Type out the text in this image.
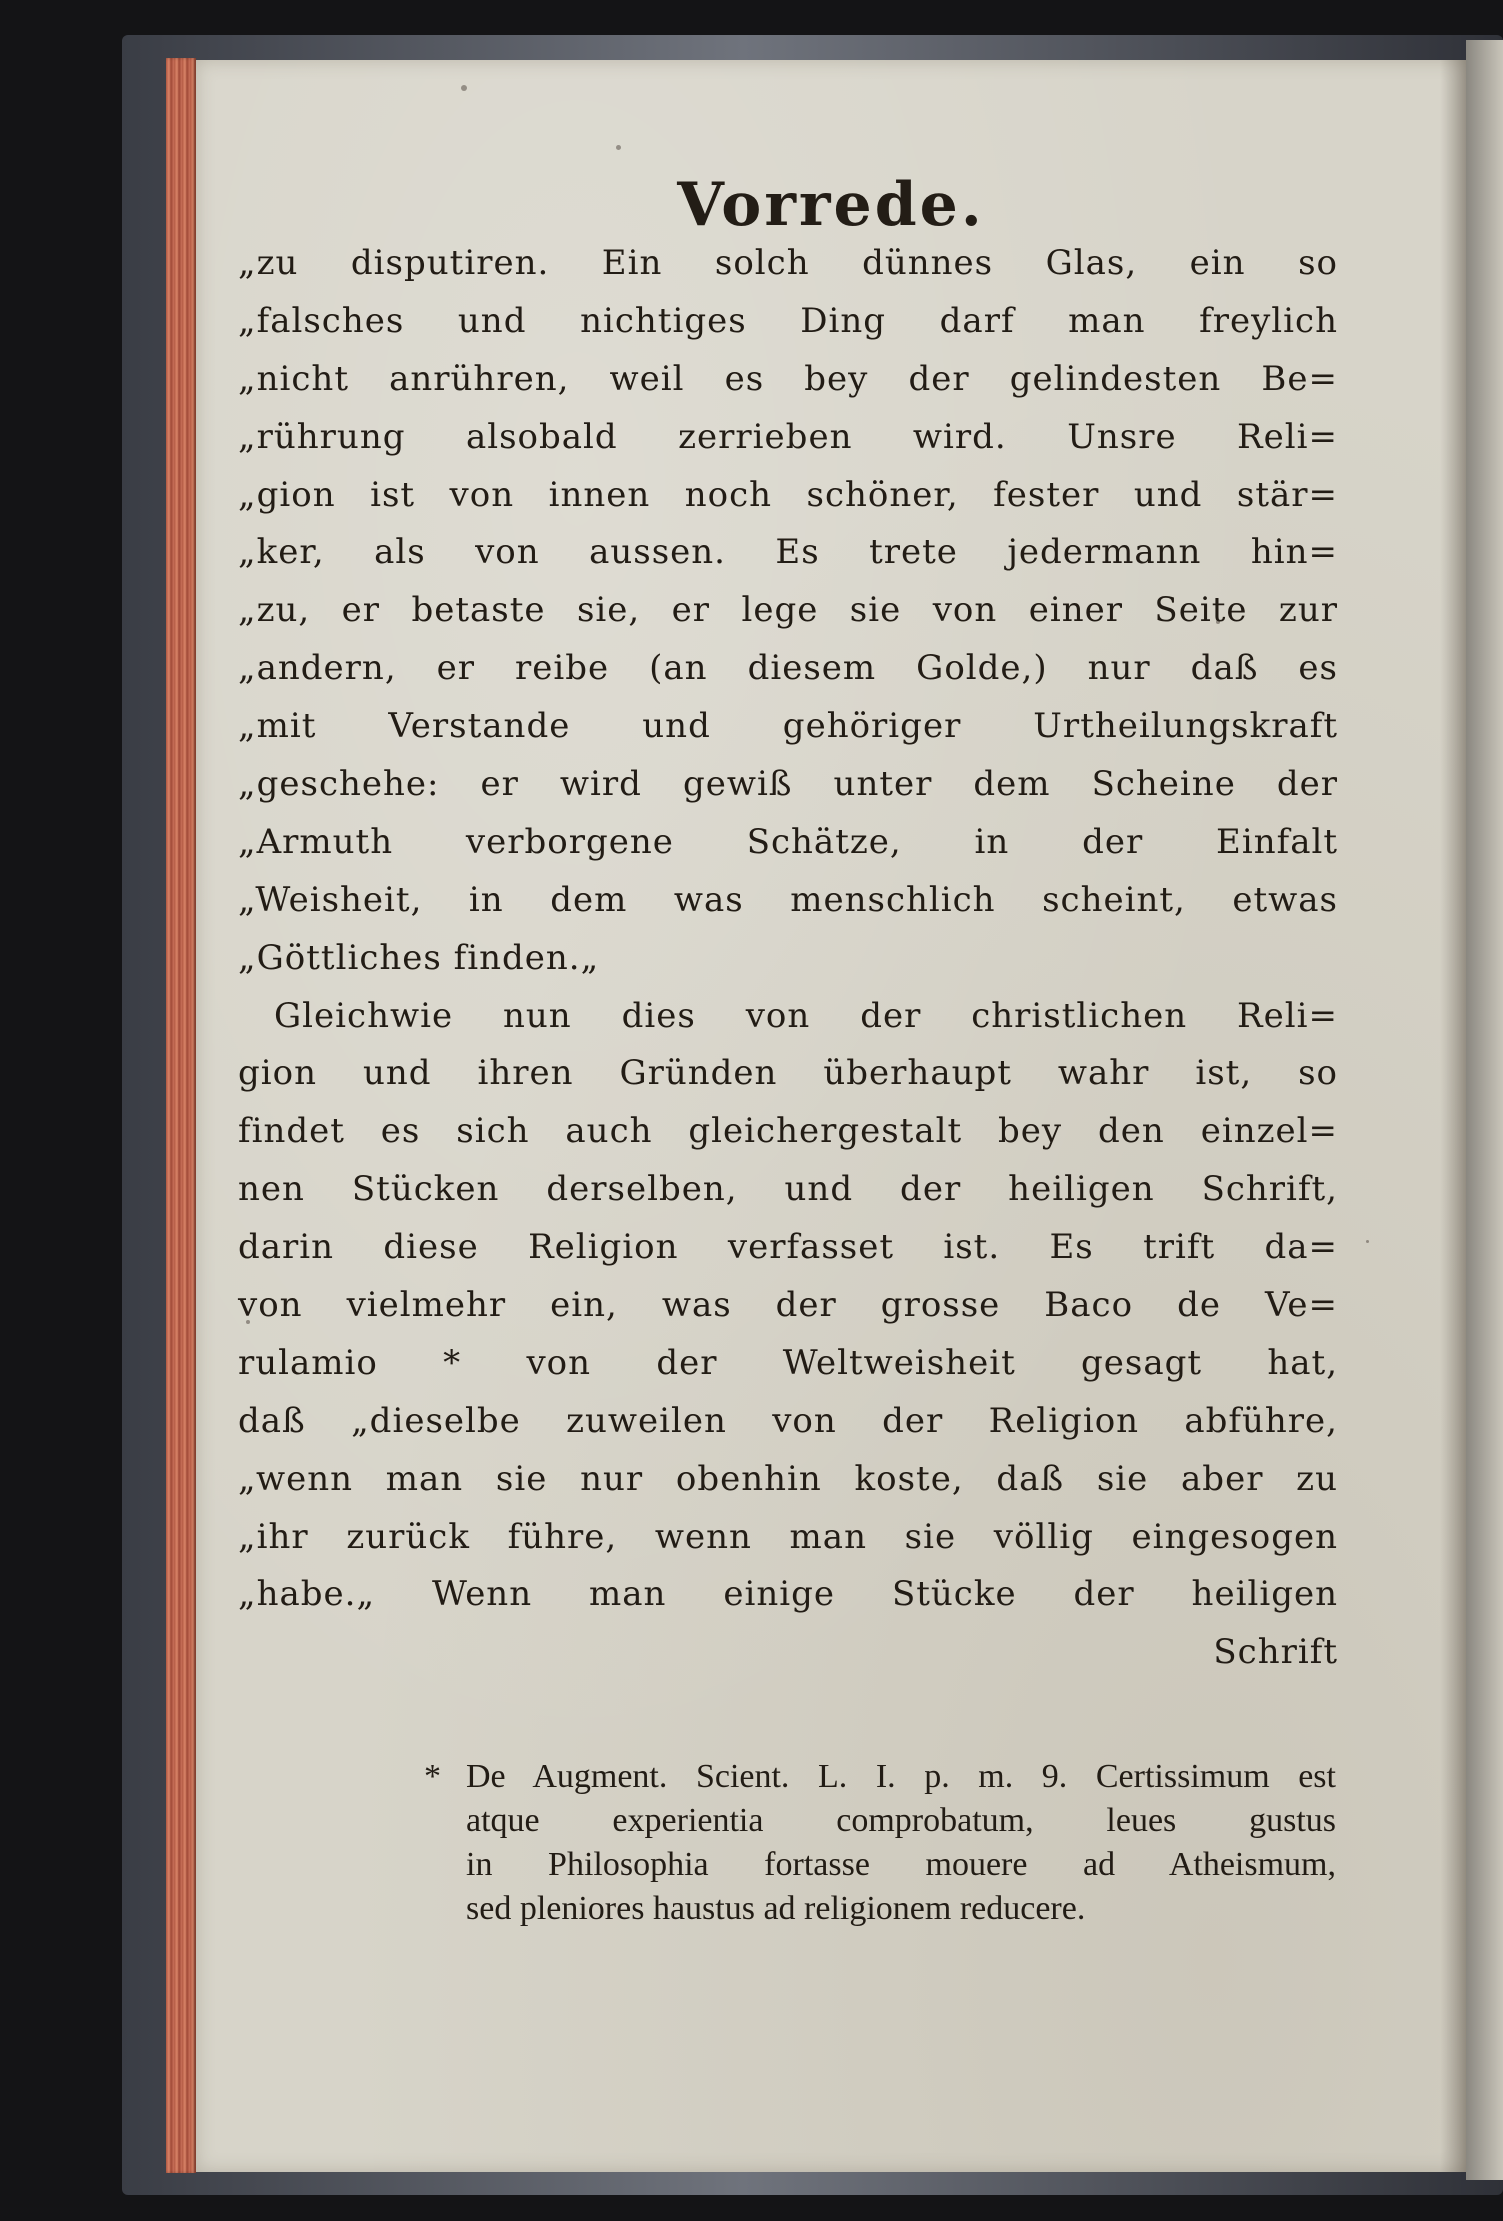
Vorrede.
„zu disputiren. Ein solch dünnes Glas, ein so
„falsches und nichtiges Ding darf man freylich
„nicht anrühren, weil es bey der gelindesten Be=
„rührung alsobald zerrieben wird. Unsre Reli=
„gion ist von innen noch schöner, fester und stär=
„ker, als von aussen. Es trete jedermann hin=
„zu, er betaste sie, er lege sie von einer Seite zur
„andern, er reibe (an diesem Golde,) nur daß es
„mit Verstande und gehöriger Urtheilungskraft
„geschehe: er wird gewiß unter dem Scheine der
„Armuth verborgene Schätze, in der Einfalt
„Weisheit, in dem was menschlich scheint, etwas
„Göttliches finden.„
Gleichwie nun dies von der christlichen Reli=
gion und ihren Gründen überhaupt wahr ist, so
findet es sich auch gleichergestalt bey den einzel=
nen Stücken derselben, und der heiligen Schrift,
darin diese Religion verfasset ist. Es trift da=
von vielmehr ein, was der grosse Baco de Ve=
rulamio * von der Weltweisheit gesagt hat,
daß „dieselbe zuweilen von der Religion abführe,
„wenn man sie nur obenhin koste, daß sie aber zu
„ihr zurück führe, wenn man sie völlig eingesogen
„habe.„ Wenn man einige Stücke der heiligen
Schrift
* De Augment. Scient. L. I. p. m. 9. Certissimum est
atque experientia comprobatum, leues gustus
in Philosophia fortasse mouere ad Atheismum,
sed pleniores haustus ad religionem reducere.
